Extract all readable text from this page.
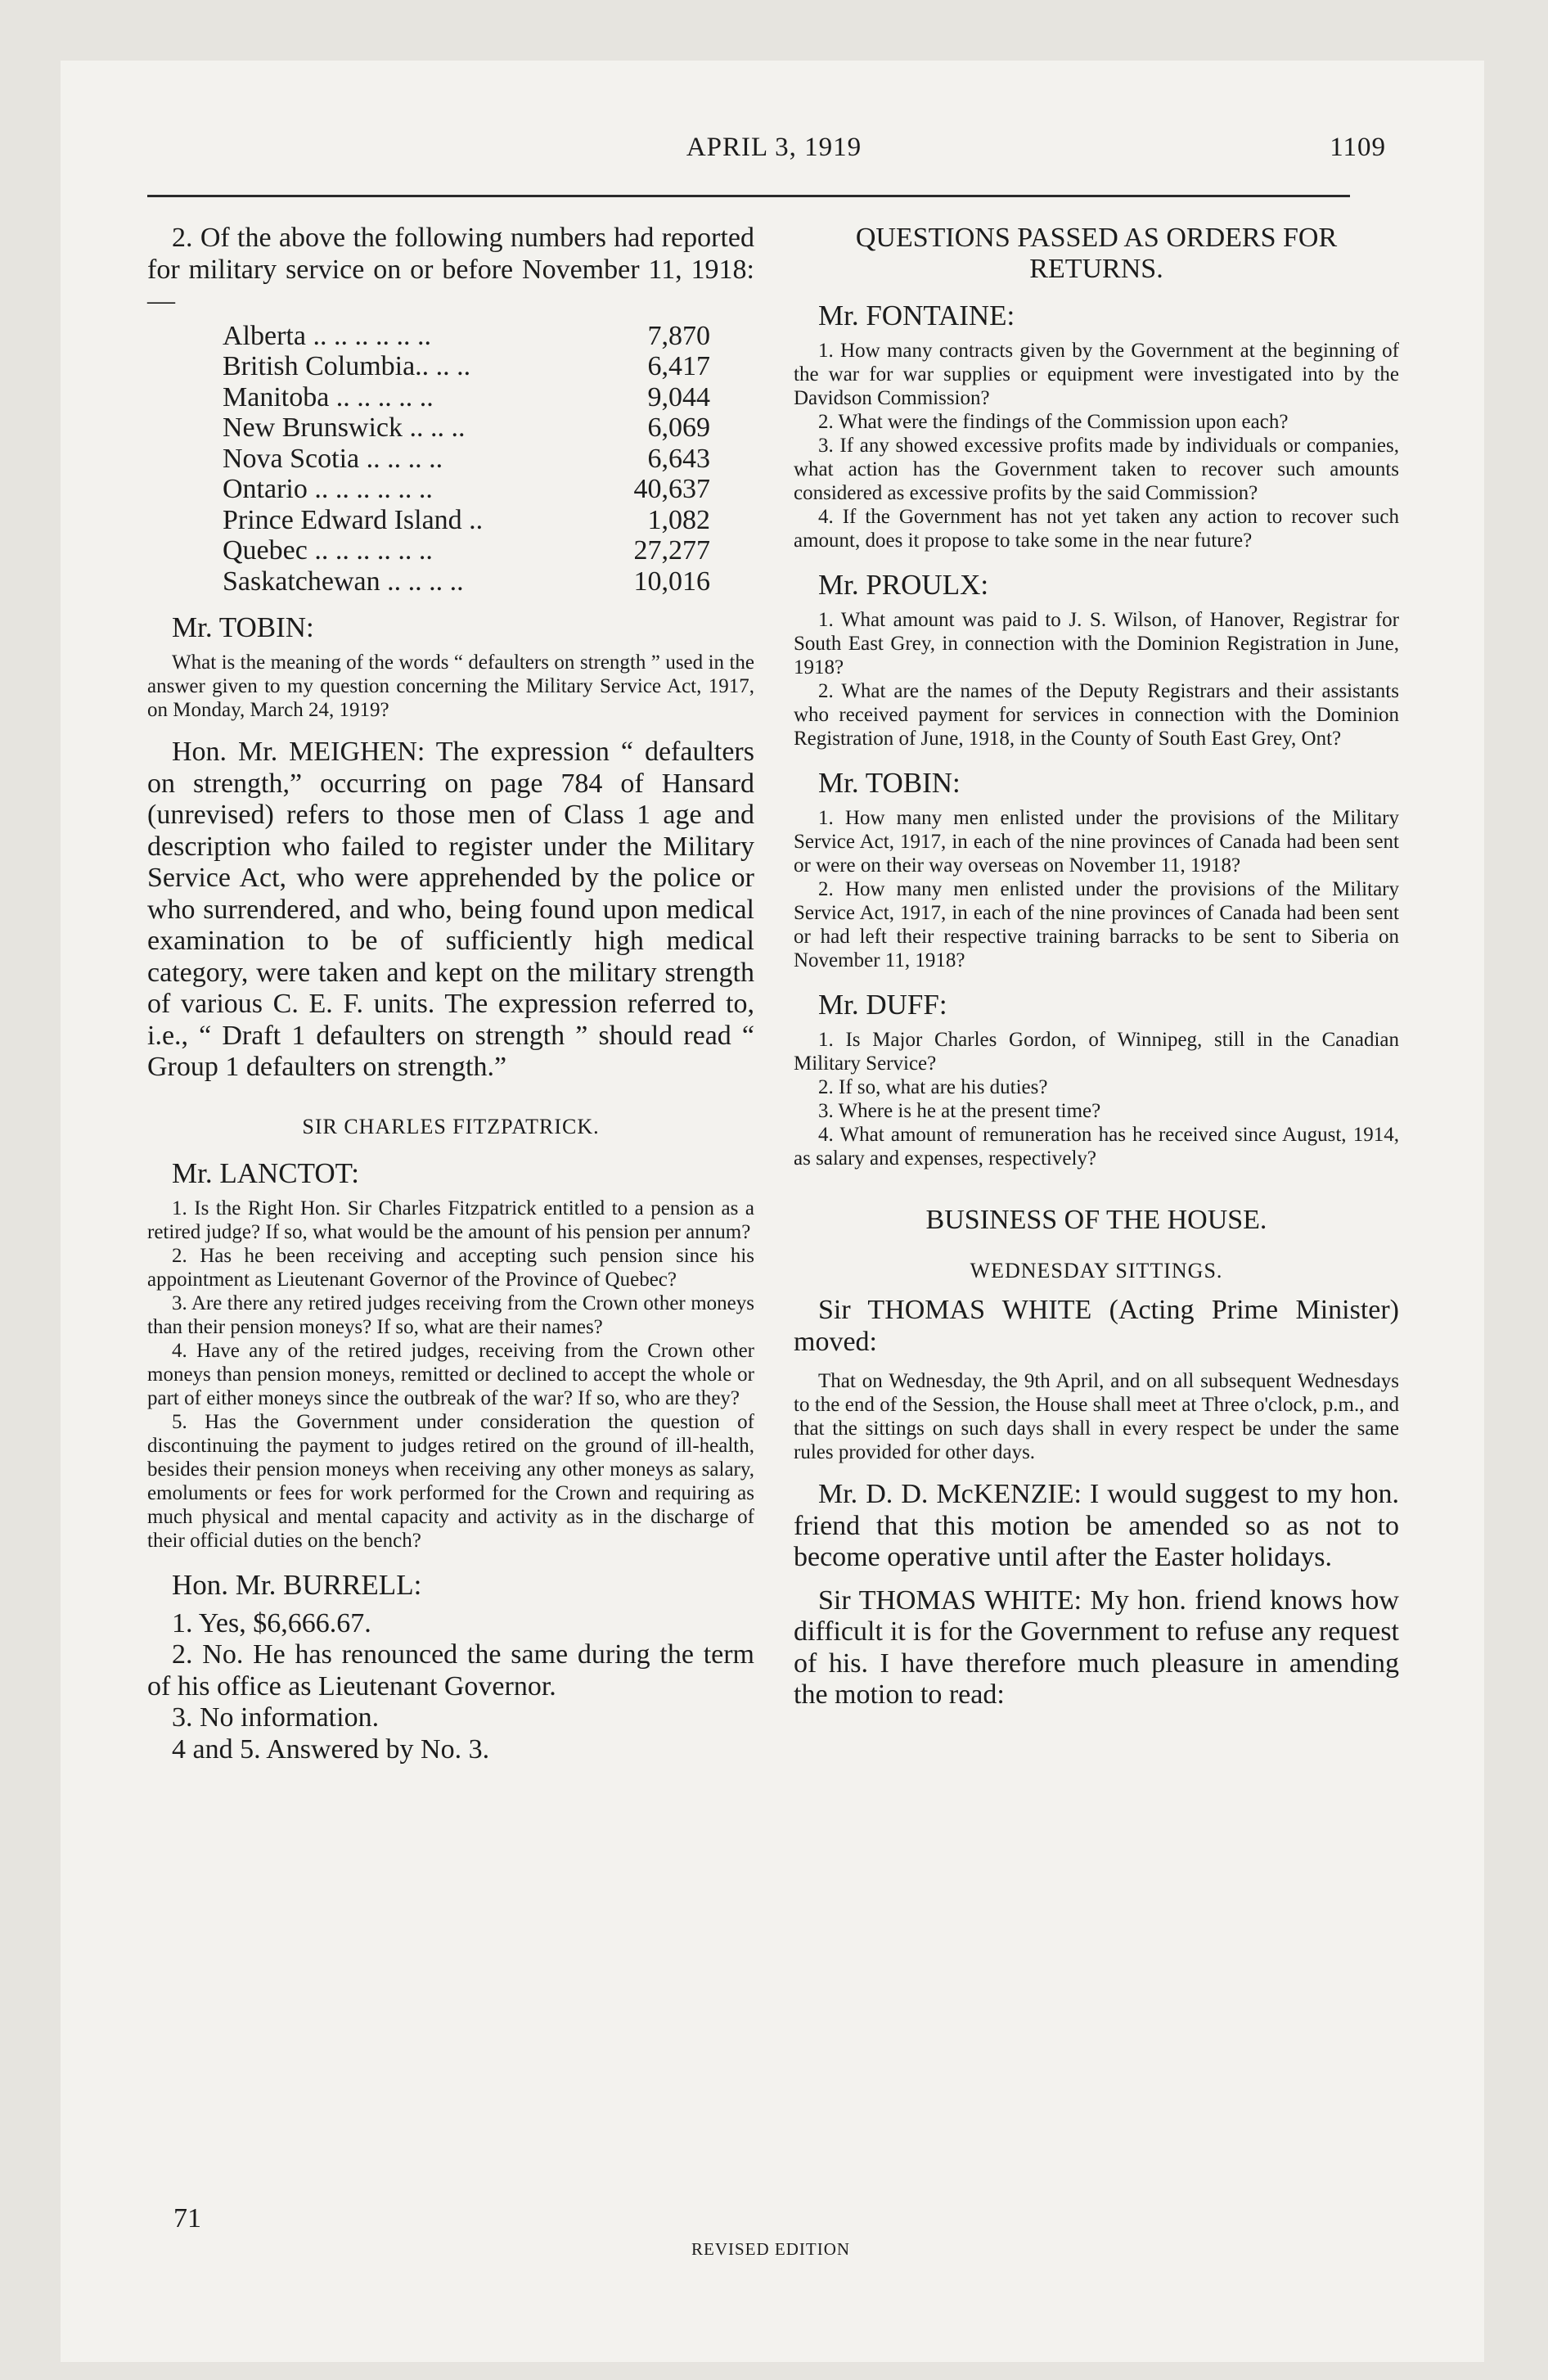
APRIL 3, 1919	1109

2. Of the above the following numbers had reported for military service on or before November 11, 1918:—

Alberta .. .. .. .. .. ..	7,870
British Columbia.. .. ..	6,417
Manitoba .. .. .. .. ..	9,044
New Brunswick .. .. ..	6,069
Nova Scotia .. .. .. ..	6,643
Ontario .. .. .. .. .. ..	40,637
Prince Edward Island ..	1,082
Quebec .. .. .. .. .. ..	27,277
Saskatchewan .. .. .. ..	10,016

Mr. TOBIN:

What is the meaning of the words “ defaulters on strength ” used in the answer given to my question concerning the Military Service Act, 1917, on Monday, March 24, 1919?

Hon. Mr. MEIGHEN: The expression “ defaulters on strength,” occurring on page 784 of Hansard (unrevised) refers to those men of Class 1 age and description who failed to register under the Military Service Act, who were apprehended by the police or who surrendered, and who, being found upon medical examination to be of sufficiently high medical category, were taken and kept on the military strength of various C. E. F. units. The expression referred to, i.e., “ Draft 1 defaulters on strength ” should read “ Group 1 defaulters on strength.”

SIR CHARLES FITZPATRICK.

Mr. LANCTOT:

1. Is the Right Hon. Sir Charles Fitzpatrick entitled to a pension as a retired judge? If so, what would be the amount of his pension per annum?

2. Has he been receiving and accepting such pension since his appointment as Lieutenant Governor of the Province of Quebec?

3. Are there any retired judges receiving from the Crown other moneys than their pension moneys? If so, what are their names?

4. Have any of the retired judges, receiving from the Crown other moneys than pension moneys, remitted or declined to accept the whole or part of either moneys since the outbreak of the war? If so, who are they?

5. Has the Government under consideration the question of discontinuing the payment to judges retired on the ground of ill-health, besides their pension moneys when receiving any other moneys as salary, emoluments or fees for work performed for the Crown and requiring as much physical and mental capacity and activity as in the discharge of their official duties on the bench?

Hon. Mr. BURRELL:

1. Yes, $6,666.67.

2. No. He has renounced the same during the term of his office as Lieutenant Governor.

3. No information.

4 and 5. Answered by No. 3.

QUESTIONS PASSED AS ORDERS FOR RETURNS.

Mr. FONTAINE:

1. How many contracts given by the Government at the beginning of the war for war supplies or equipment were investigated into by the Davidson Commission?

2. What were the findings of the Commission upon each?

3. If any showed excessive profits made by individuals or companies, what action has the Government taken to recover such amounts considered as excessive profits by the said Commission?

4. If the Government has not yet taken any action to recover such amount, does it propose to take some in the near future?

Mr. PROULX:

1. What amount was paid to J. S. Wilson, of Hanover, Registrar for South East Grey, in connection with the Dominion Registration in June, 1918?

2. What are the names of the Deputy Registrars and their assistants who received payment for services in connection with the Dominion Registration of June, 1918, in the County of South East Grey, Ont?

Mr. TOBIN:

1. How many men enlisted under the provisions of the Military Service Act, 1917, in each of the nine provinces of Canada had been sent or were on their way overseas on November 11, 1918?

2. How many men enlisted under the provisions of the Military Service Act, 1917, in each of the nine provinces of Canada had been sent or had left their respective training barracks to be sent to Siberia on November 11, 1918?

Mr. DUFF:

1. Is Major Charles Gordon, of Winnipeg, still in the Canadian Military Service?

2. If so, what are his duties?

3. Where is he at the present time?

4. What amount of remuneration has he received since August, 1914, as salary and expenses, respectively?

BUSINESS OF THE HOUSE.

WEDNESDAY SITTINGS.

Sir THOMAS WHITE (Acting Prime Minister) moved:

That on Wednesday, the 9th April, and on all subsequent Wednesdays to the end of the Session, the House shall meet at Three o'clock, p.m., and that the sittings on such days shall in every respect be under the same rules provided for other days.

Mr. D. D. McKENZIE: I would suggest to my hon. friend that this motion be amended so as not to become operative until after the Easter holidays.

Sir THOMAS WHITE: My hon. friend knows how difficult it is for the Government to refuse any request of his. I have therefore much pleasure in amending the motion to read:

71
REVISED EDITION
